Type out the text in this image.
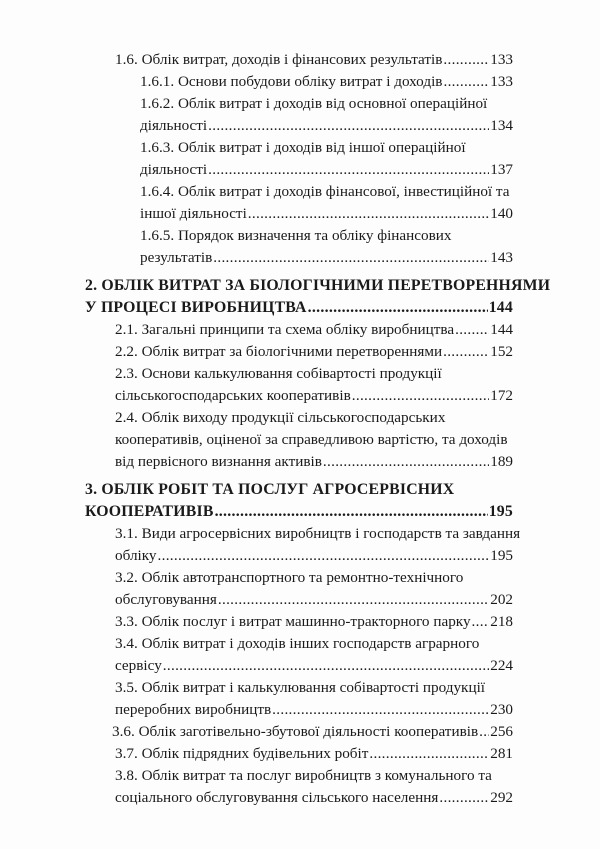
1.6. Облік витрат, доходів і фінансових результатів .....	133
1.6.1. Основи побудови обліку витрат і доходів .....	133
1.6.2. Облік витрат і доходів від основної операційної
діяльності .....	134
1.6.3. Облік витрат і доходів від іншої операційної
діяльності .....	137
1.6.4. Облік витрат і доходів фінансової, інвестиційної та
іншої діяльності .....	140
1.6.5. Порядок визначення та обліку фінансових
результатів .....	143
2. ОБЛІК ВИТРАТ ЗА БІОЛОГІЧНИМИ ПЕРЕТВОРЕННЯМИ
У ПРОЦЕСІ ВИРОБНИЦТВА .....	144
2.1. Загальні принципи та схема обліку виробництва ..... 144
2.2. Облік витрат за біологічними перетвореннями .....	152
2.3. Основи калькулювання собівартості продукції
сільськогосподарських кооперативів .....	172
2.4. Облік виходу продукції сільськогосподарських
кооперативів, оціненої за справедливою вартістю, та доходів
від первісного визнання активів .....	189
3. ОБЛІК РОБІТ ТА ПОСЛУГ АГРОСЕРВІСНИХ
КООПЕРАТИВІВ .....	195
3.1. Види агросервісних виробництв і господарств та завдання
обліку .....	195
3.2. Облік автотранспортного та ремонтно-технічного
обслуговування .....	202
3.3. Облік послуг і витрат машинно-тракторного парку ..... 218
3.4. Облік витрат і доходів інших господарств аграрного
сервісу .....	224
3.5. Облік витрат і калькулювання собівартості продукції
переробних виробництв .....	230
3.6. Облік заготівельно-збутової діяльності кооперативів ..... 256
3.7. Облік підрядних будівельних робіт .....	281
3.8. Облік витрат та послуг виробництв з комунального та
соціального обслуговування сільського населення .....	292
